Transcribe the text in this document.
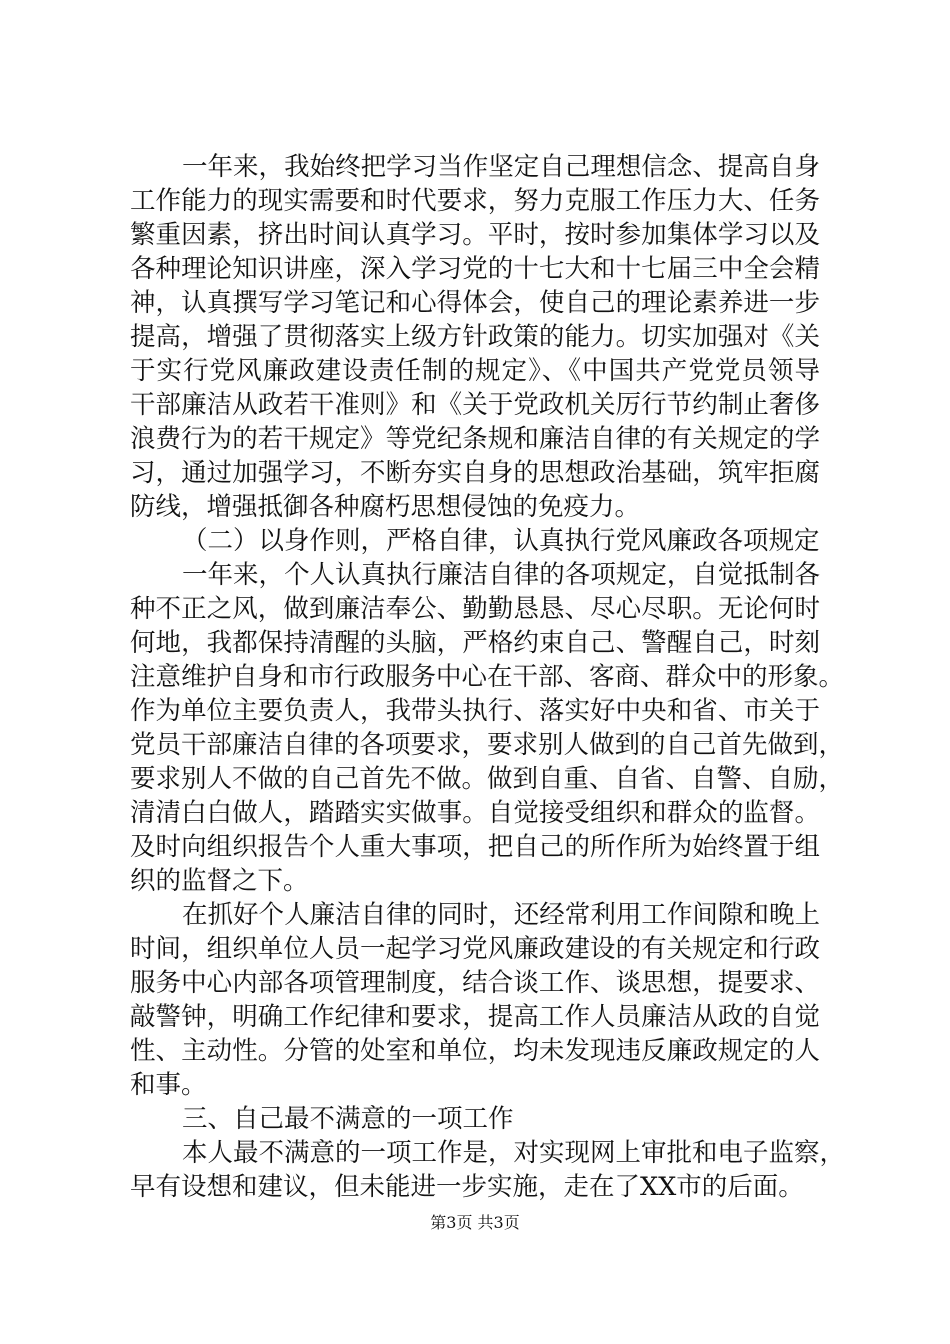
一年来，我始终把学习当作坚定自己理想信念、提高自身
工作能力的现实需要和时代要求，努力克服工作压力大、任务
繁重因素，挤出时间认真学习。平时，按时参加集体学习以及
各种理论知识讲座，深入学习党的十七大和十七届三中全会精
神，认真撰写学习笔记和心得体会，使自己的理论素养进一步
提高，增强了贯彻落实上级方针政策的能力。切实加强对《关
于实行党风廉政建设责任制的规定》、《中国共产党党员领导
干部廉洁从政若干准则》和《关于党政机关厉行节约制止奢侈
浪费行为的若干规定》等党纪条规和廉洁自律的有关规定的学
习，通过加强学习，不断夯实自身的思想政治基础，筑牢拒腐
防线，增强抵御各种腐朽思想侵蚀的免疫力。
（二）以身作则，严格自律，认真执行党风廉政各项规定
一年来，个人认真执行廉洁自律的各项规定，自觉抵制各
种不正之风，做到廉洁奉公、勤勤恳恳、尽心尽职。无论何时
何地，我都保持清醒的头脑，严格约束自己、警醒自己，时刻
注意维护自身和市行政服务中心在干部、客商、群众中的形象。
作为单位主要负责人，我带头执行、落实好中央和省、市关于
党员干部廉洁自律的各项要求，要求别人做到的自己首先做到，
要求别人不做的自己首先不做。做到自重、自省、自警、自励，
清清白白做人，踏踏实实做事。自觉接受组织和群众的监督。
及时向组织报告个人重大事项，把自己的所作所为始终置于组
织的监督之下。
在抓好个人廉洁自律的同时，还经常利用工作间隙和晚上
时间，组织单位人员一起学习党风廉政建设的有关规定和行政
服务中心内部各项管理制度，结合谈工作、谈思想，提要求、
敲警钟，明确工作纪律和要求，提高工作人员廉洁从政的自觉
性、主动性。分管的处室和单位，均未发现违反廉政规定的人
和事。
三、自己最不满意的一项工作
本人最不满意的一项工作是，对实现网上审批和电子监察，
早有设想和建议，但未能进一步实施，走在了XX市的后面。
第3页 共3页
